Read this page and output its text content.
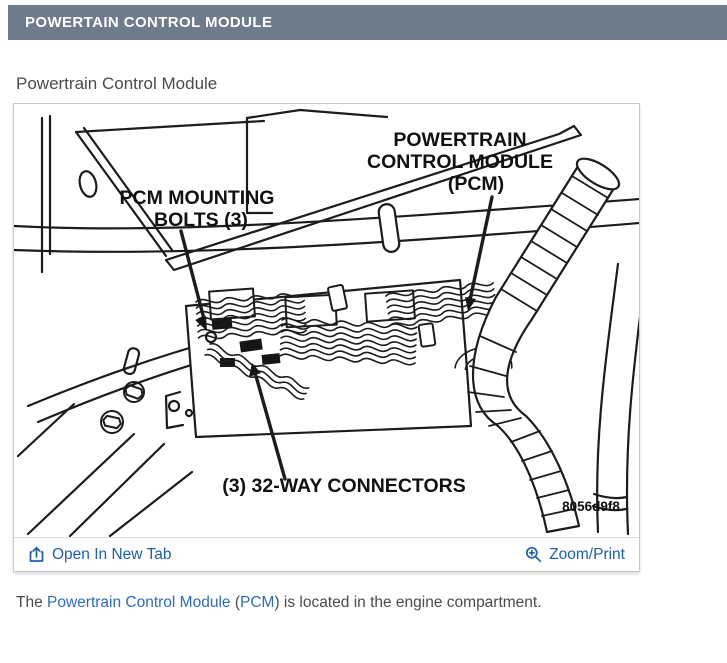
POWERTAIN CONTROL MODULE
Powertrain Control Module
PCM MOUNTING
BOLTS (3)
POWERTRAIN
CONTROL MODULE
(PCM)
(3) 32-WAY CONNECTORS
8056d9f8
Open In New Tab	Zoom/Print

The Powertrain Control Module (PCM) is located in the engine compartment.
